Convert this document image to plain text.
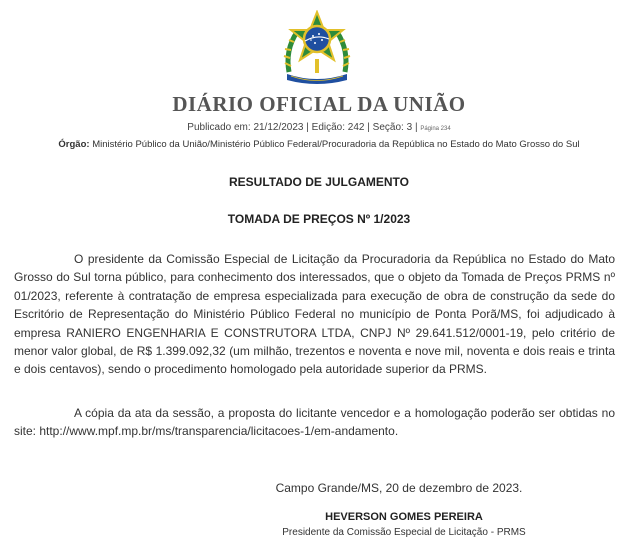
DIÁRIO OFICIAL DA UNIÃO
Publicado em: 21/12/2023 | Edição: 242 | Seção: 3 | Página 234
Órgão: Ministério Público da União/Ministério Público Federal/Procuradoria da República no Estado do Mato Grosso do Sul
RESULTADO DE JULGAMENTO
TOMADA DE PREÇOS Nº 1/2023

O presidente da Comissão Especial de Licitação da Procuradoria da República no Estado do Mato Grosso do Sul torna público, para conhecimento dos interessados, que o objeto da Tomada de Preços PRMS nº 01/2023, referente à contratação de empresa especializada para execução de obra de construção da sede do Escritório de Representação do Ministério Público Federal no município de Ponta Porã/MS, foi adjudicado à empresa RANIERO ENGENHARIA E CONSTRUTORA LTDA, CNPJ Nº 29.641.512/0001-19, pelo critério de menor valor global, de R$ 1.399.092,32 (um milhão, trezentos e noventa e nove mil, noventa e dois reais e trinta e dois centavos), sendo o procedimento homologado pela autoridade superior da PRMS.

A cópia da ata da sessão, a proposta do licitante vencedor e a homologação poderão ser obtidas no site: http://www.mpf.mp.br/ms/transparencia/licitacoes-1/em-andamento.

Campo Grande/MS, 20 de dezembro de 2023.
HEVERSON GOMES PEREIRA
Presidente da Comissão Especial de Licitação - PRMS
